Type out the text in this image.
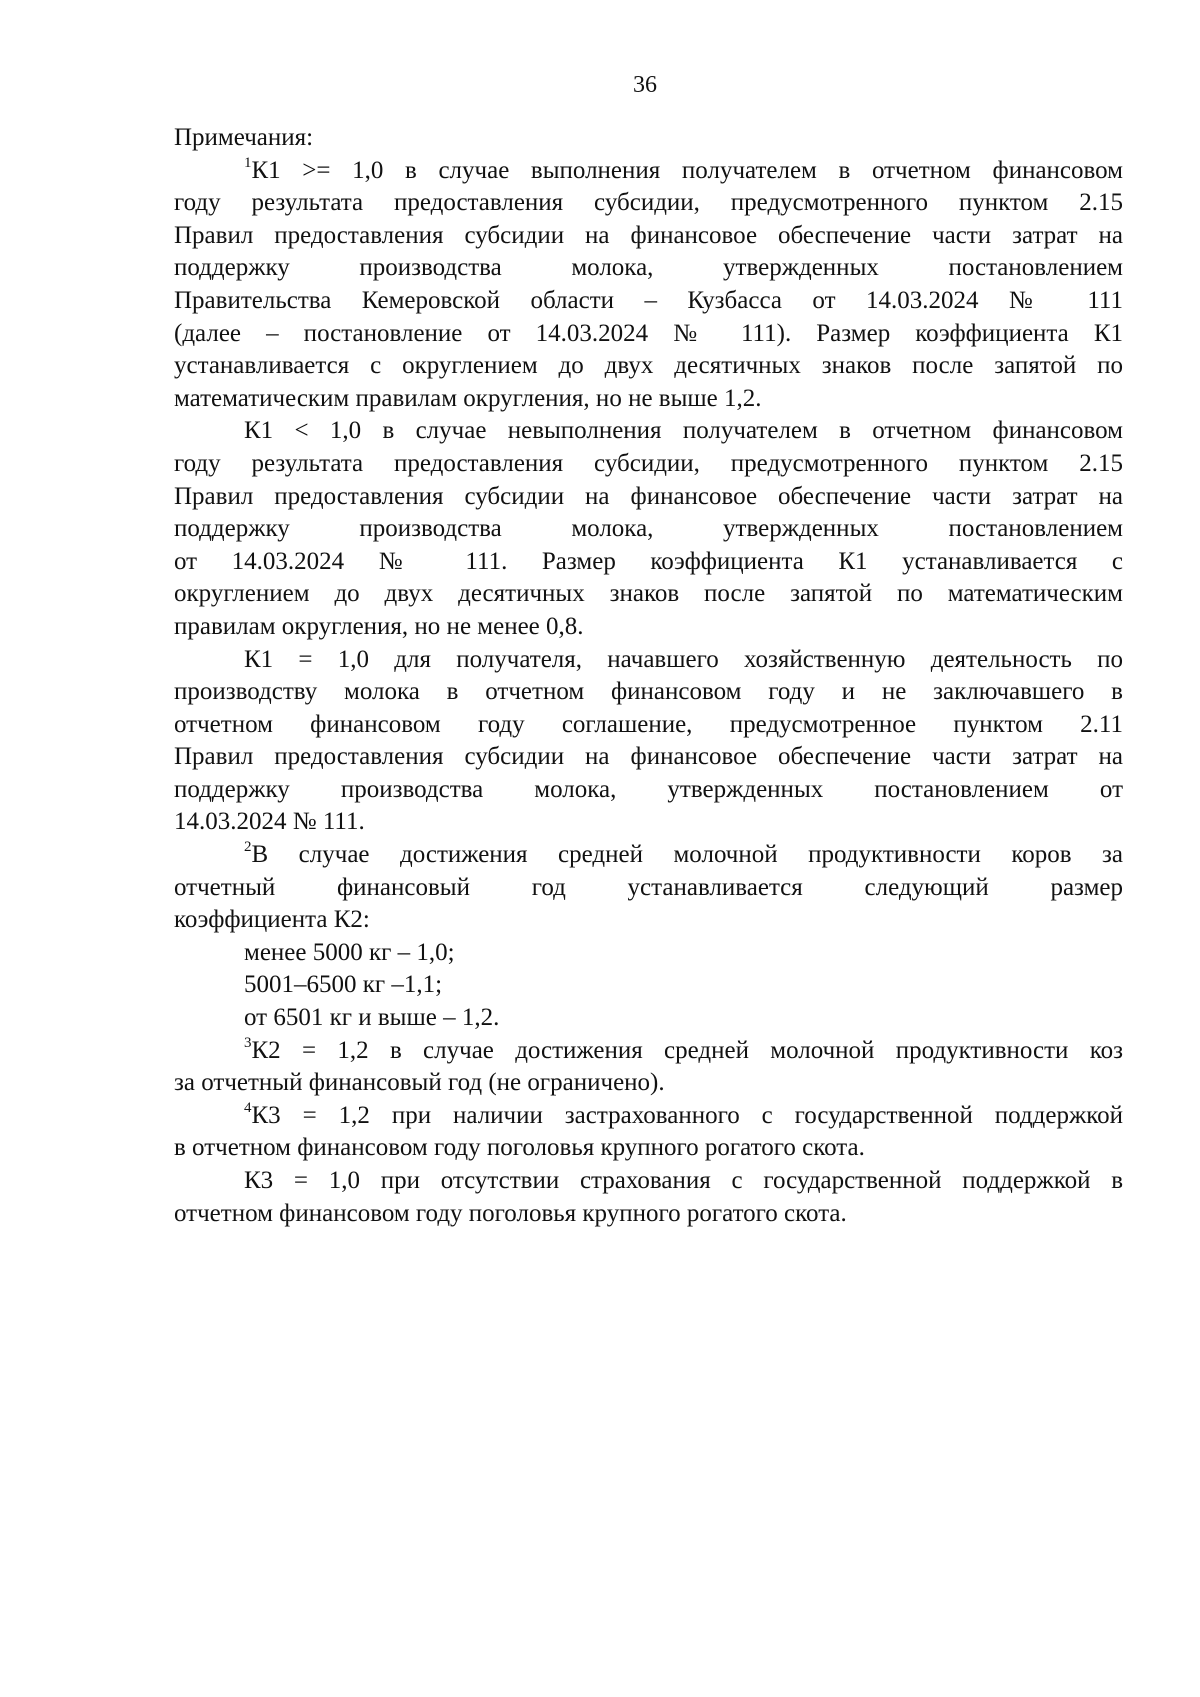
36
Примечания:
$^1$К1 >= 1,0 в случае выполнения получателем в отчетном финансовом
году результата предоставления субсидии, предусмотренного пунктом 2.15
Правил предоставления субсидии на финансовое обеспечение части затрат на
поддержку производства молока, утвержденных постановлением
Правительства Кемеровской области – Кузбасса от 14.03.2024 № 111
(далее – постановление от 14.03.2024 № 111). Размер коэффициента К1
устанавливается с округлением до двух десятичных знаков после запятой по
математическим правилам округления, но не выше 1,2.
К1 < 1,0 в случае невыполнения получателем в отчетном финансовом
году результата предоставления субсидии, предусмотренного пунктом 2.15
Правил предоставления субсидии на финансовое обеспечение части затрат на
поддержку производства молока, утвержденных постановлением
от 14.03.2024 № 111. Размер коэффициента К1 устанавливается с
округлением до двух десятичных знаков после запятой по математическим
правилам округления, но не менее 0,8.
К1 = 1,0 для получателя, начавшего хозяйственную деятельность по
производству молока в отчетном финансовом году и не заключавшего в
отчетном финансовом году соглашение, предусмотренное пунктом 2.11
Правил предоставления субсидии на финансовое обеспечение части затрат на
поддержку производства молока, утвержденных постановлением от
14.03.2024 № 111.
$^2$В случае достижения средней молочной продуктивности коров за
отчетный финансовый год устанавливается следующий размер
коэффициента К2:
менее 5000 кг – 1,0;
5001–6500 кг –1,1;
от 6501 кг и выше – 1,2.
$^3$К2 = 1,2 в случае достижения средней молочной продуктивности коз
за отчетный финансовый год (не ограничено).
$^4$К3 = 1,2 при наличии застрахованного с государственной поддержкой
в отчетном финансовом году поголовья крупного рогатого скота.
К3 = 1,0 при отсутствии страхования с государственной поддержкой в
отчетном финансовом году поголовья крупного рогатого скота.
